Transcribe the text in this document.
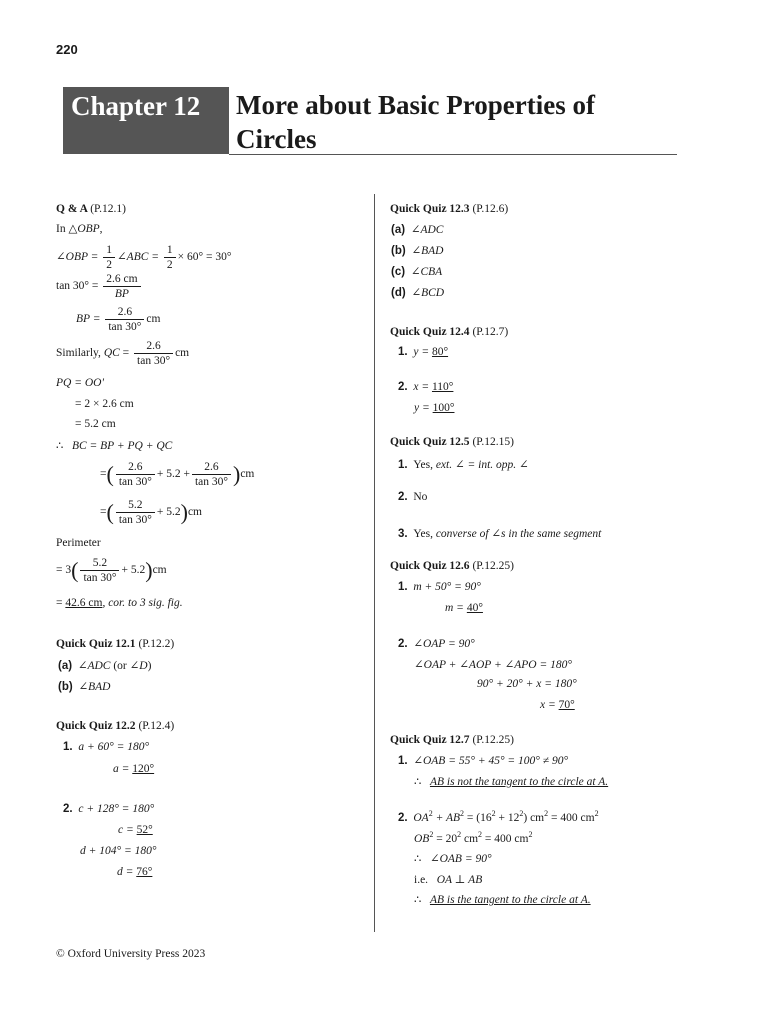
220
Chapter 12	More about Basic Properties of
Circles
Q & A (P.12.1)
In △OBP,
∠OBP = $\frac{1}{2}$ ∠ABC = $\frac{1}{2} \times 60^\circ = 30^\circ$
$\tan 30^\circ = \frac{2.6 cm}{BP}$
BP = $\frac{2.6}{\tan 30^\circ}$ cm
Similarly, QC = $\frac{2.6}{\tan 30^\circ}$ cm
PQ = OO'
= 2 × 2.6 cm
= 5.2 cm
∴ BC = BP + PQ + QC
=( $\frac{2.6}{\tan 30^\circ} + 5.2 + \frac{2.6}{\tan 30^\circ} )cm$
=( $\frac{5.2}{\tan 30^\circ} + 5.2)cm$
Perimeter
= $3( \frac{5.2}{\tan 30^\circ} + 5.2)cm$
= 42.6 cm, cor. to 3 sig. fig.
Quick Quiz 12.1 (P.12.2)
(a) ∠ADC (or ∠D)
(b) ∠BAD
Quick Quiz 12.2 (P.12.4)
1. a + 60° = 180°
a = 120°
2. c + 128° = 180°
c = 52°
d + 104° = 180°
d = 76°
Quick Quiz 12.3 (P.12.6)
(a) ∠ADC
(b) ∠BAD
(c) ∠CBA
(d) ∠BCD
Quick Quiz 12.4 (P.12.7)
1. y = 80°
2. x = 110°
y = 100°
Quick Quiz 12.5 (P.12.15)
1. Yes, ext. ∠ = int. opp. ∠
2. No
3. Yes, converse of ∠s in the same segment
Quick Quiz 12.6 (P.12.25)
1. m + 50° = 90°
m = 40°
2. ∠OAP = 90°
∠OAP + ∠AOP + ∠APO = 180°
90° + 20° + x = 180°
x = 70°
Quick Quiz 12.7 (P.12.25)
1. ∠OAB = 55° + 45° = 100° ≠ 90°
∴ AB is not the tangent to the circle at A.
2. $OA^2 + AB^2 = (16^2 + 12^2) cm^2 = 400$ $cm^2$
$OB^2 = 20^2$ $cm^2 = 400$ $cm^2$
∴ ∠OAB = 90°
i.e. OA ⊥ AB
∴ AB is the tangent to the circle at A.
© Oxford University Press 2023
